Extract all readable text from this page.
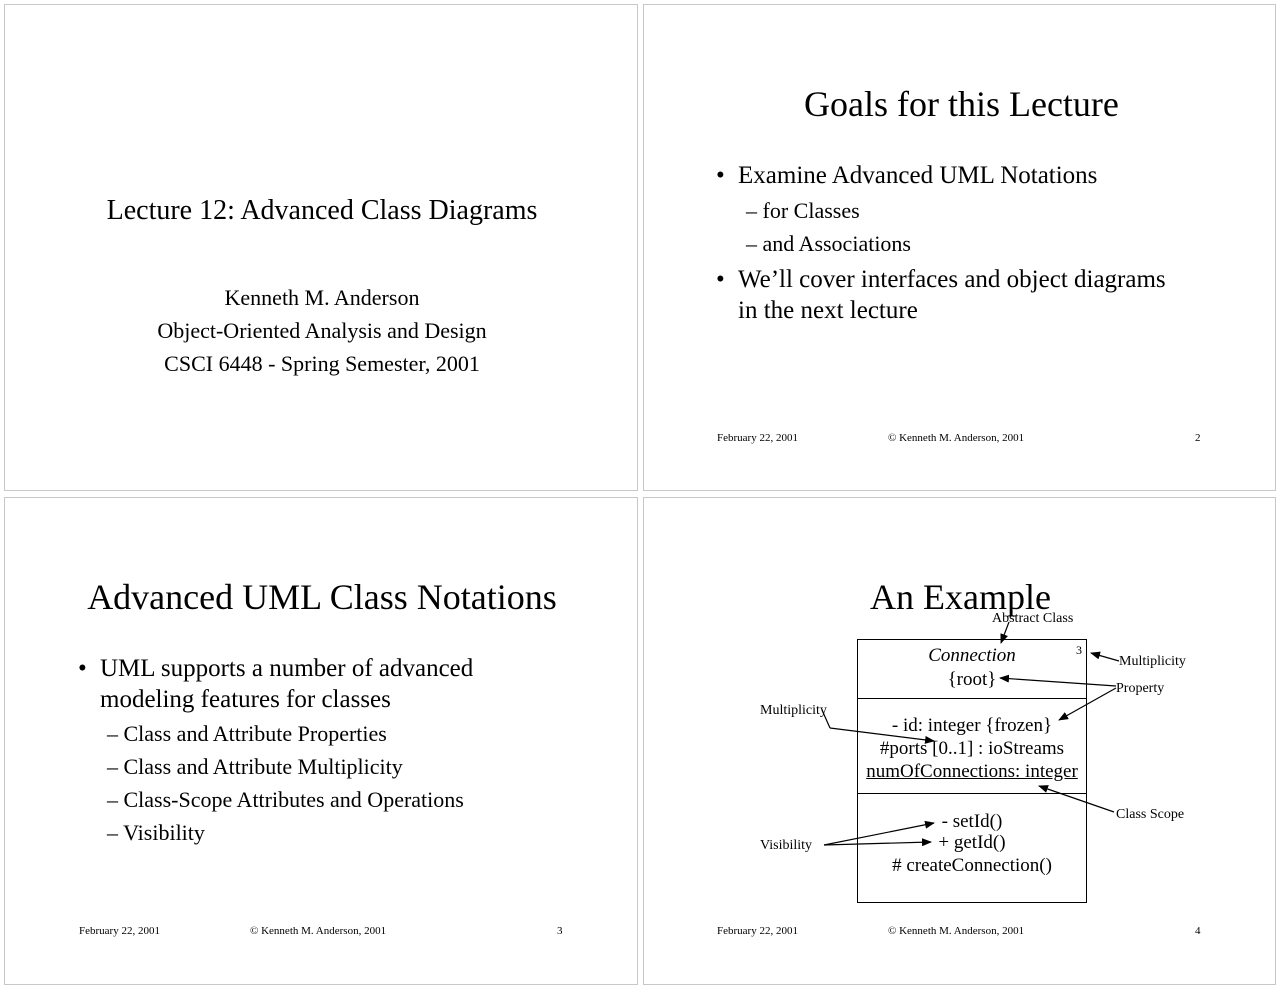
Lecture 12: Advanced Class Diagrams
Kenneth M. Anderson
Object-Oriented Analysis and Design
CSCI 6448 - Spring Semester, 2001
Goals for this Lecture
• Examine Advanced UML Notations
– for Classes
– and Associations
• We’ll cover interfaces and object diagrams
in the next lecture
February 22, 2001	© Kenneth M. Anderson, 2001	2
Advanced UML Class Notations
• UML supports a number of advanced
modeling features for classes
– Class and Attribute Properties
– Class and Attribute Multiplicity
– Class-Scope Attributes and Operations
– Visibility
February 22, 2001	© Kenneth M. Anderson, 2001	3
An Example
Connection
{root}
3
- id: integer {frozen}
#ports [0..1] : ioStreams
numOfConnections: integer
- setId()
+ getId()
# createConnection()
Abstract Class
Multiplicity
Property
Multiplicity
Class Scope
Visibility
February 22, 2001	© Kenneth M. Anderson, 2001	4
